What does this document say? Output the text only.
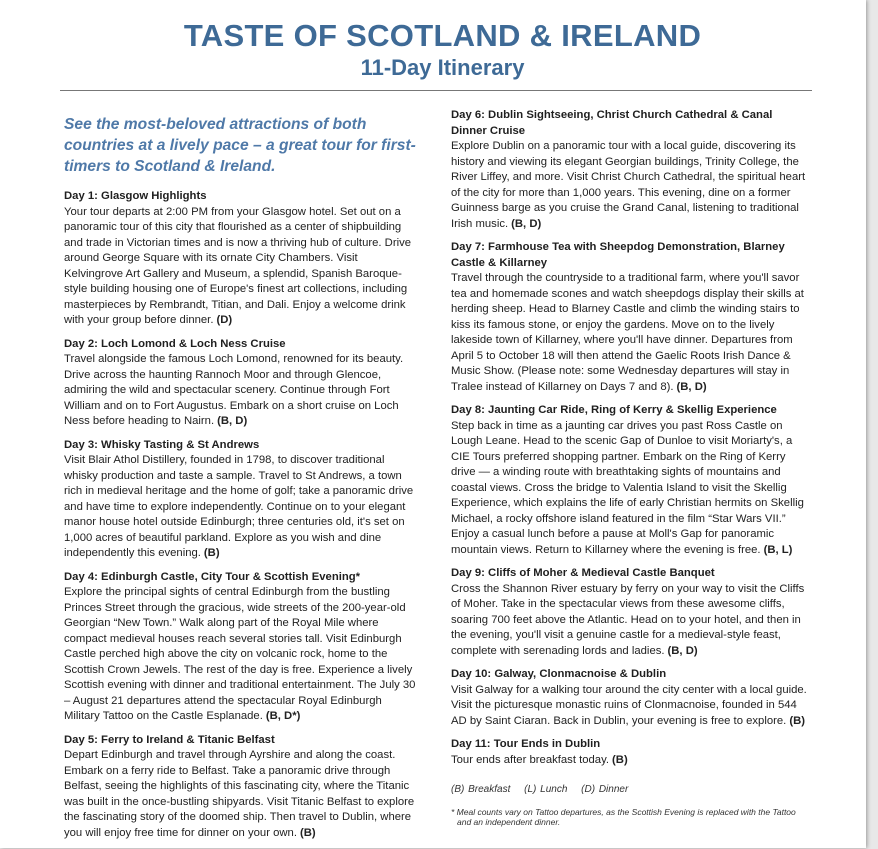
TASTE OF SCOTLAND & IRELAND
11-Day Itinerary

See the most-beloved attractions of both countries at a lively pace – a great tour for first-timers to Scotland & Ireland.

Day 1: Glasgow Highlights
Your tour departs at 2:00 PM from your Glasgow hotel. Set out on a panoramic tour of this city that flourished as a center of shipbuilding and trade in Victorian times and is now a thriving hub of culture. Drive around George Square with its ornate City Chambers. Visit Kelvingrove Art Gallery and Museum, a splendid, Spanish Baroque-style building housing one of Europe's finest art collections, including masterpieces by Rembrandt, Titian, and Dali. Enjoy a welcome drink with your group before dinner. (D)
Day 2: Loch Lomond & Loch Ness Cruise
Travel alongside the famous Loch Lomond, renowned for its beauty. Drive across the haunting Rannoch Moor and through Glencoe, admiring the wild and spectacular scenery. Continue through Fort William and on to Fort Augustus. Embark on a short cruise on Loch Ness before heading to Nairn. (B, D)
Day 3: Whisky Tasting & St Andrews
Visit Blair Athol Distillery, founded in 1798, to discover traditional whisky production and taste a sample. Travel to St Andrews, a town rich in medieval heritage and the home of golf; take a panoramic drive and have time to explore independently. Continue on to your elegant manor house hotel outside Edinburgh; three centuries old, it's set on 1,000 acres of beautiful parkland. Explore as you wish and dine independently this evening. (B)
Day 4: Edinburgh Castle, City Tour & Scottish Evening*
Explore the principal sights of central Edinburgh from the bustling Princes Street through the gracious, wide streets of the 200-year-old Georgian “New Town.” Walk along part of the Royal Mile where compact medieval houses reach several stories tall. Visit Edinburgh Castle perched high above the city on volcanic rock, home to the Scottish Crown Jewels. The rest of the day is free. Experience a lively Scottish evening with dinner and traditional entertainment. The July 30 – August 21 departures attend the spectacular Royal Edinburgh Military Tattoo on the Castle Esplanade. (B, D*)
Day 5: Ferry to Ireland & Titanic Belfast
Depart Edinburgh and travel through Ayrshire and along the coast. Embark on a ferry ride to Belfast. Take a panoramic drive through Belfast, seeing the highlights of this fascinating city, where the Titanic was built in the once-bustling shipyards. Visit Titanic Belfast to explore the fascinating story of the doomed ship. Then travel to Dublin, where you will enjoy free time for dinner on your own. (B)
Day 6: Dublin Sightseeing, Christ Church Cathedral & Canal Dinner Cruise
Explore Dublin on a panoramic tour with a local guide, discovering its history and viewing its elegant Georgian buildings, Trinity College, the River Liffey, and more. Visit Christ Church Cathedral, the spiritual heart of the city for more than 1,000 years. This evening, dine on a former Guinness barge as you cruise the Grand Canal, listening to traditional Irish music. (B, D)
Day 7: Farmhouse Tea with Sheepdog Demonstration, Blarney Castle & Killarney
Travel through the countryside to a traditional farm, where you'll savor tea and homemade scones and watch sheepdogs display their skills at herding sheep. Head to Blarney Castle and climb the winding stairs to kiss its famous stone, or enjoy the gardens. Move on to the lively lakeside town of Killarney, where you'll have dinner. Departures from April 5 to October 18 will then attend the Gaelic Roots Irish Dance & Music Show. (Please note: some Wednesday departures will stay in Tralee instead of Killarney on Days 7 and 8). (B, D)
Day 8: Jaunting Car Ride, Ring of Kerry & Skellig Experience
Step back in time as a jaunting car drives you past Ross Castle on Lough Leane. Head to the scenic Gap of Dunloe to visit Moriarty's, a CIE Tours preferred shopping partner. Embark on the Ring of Kerry drive — a winding route with breathtaking sights of mountains and coastal views. Cross the bridge to Valentia Island to visit the Skellig Experience, which explains the life of early Christian hermits on Skellig Michael, a rocky offshore island featured in the film “Star Wars VII.” Enjoy a casual lunch before a pause at Moll's Gap for panoramic mountain views. Return to Killarney where the evening is free. (B, L)
Day 9: Cliffs of Moher & Medieval Castle Banquet
Cross the Shannon River estuary by ferry on your way to visit the Cliffs of Moher. Take in the spectacular views from these awesome cliffs, soaring 700 feet above the Atlantic. Head on to your hotel, and then in the evening, you'll visit a genuine castle for a medieval-style feast, complete with serenading lords and ladies. (B, D)
Day 10: Galway, Clonmacnoise & Dublin
Visit Galway for a walking tour around the city center with a local guide. Visit the picturesque monastic ruins of Clonmacnoise, founded in 544 AD by Saint Ciaran. Back in Dublin, your evening is free to explore. (B)
Day 11: Tour Ends in Dublin
Tour ends after breakfast today. (B)
(B) Breakfast (L) Lunch (D) Dinner
* Meal counts vary on Tattoo departures, as the Scottish Evening is replaced with the Tattoo and an independent dinner.
